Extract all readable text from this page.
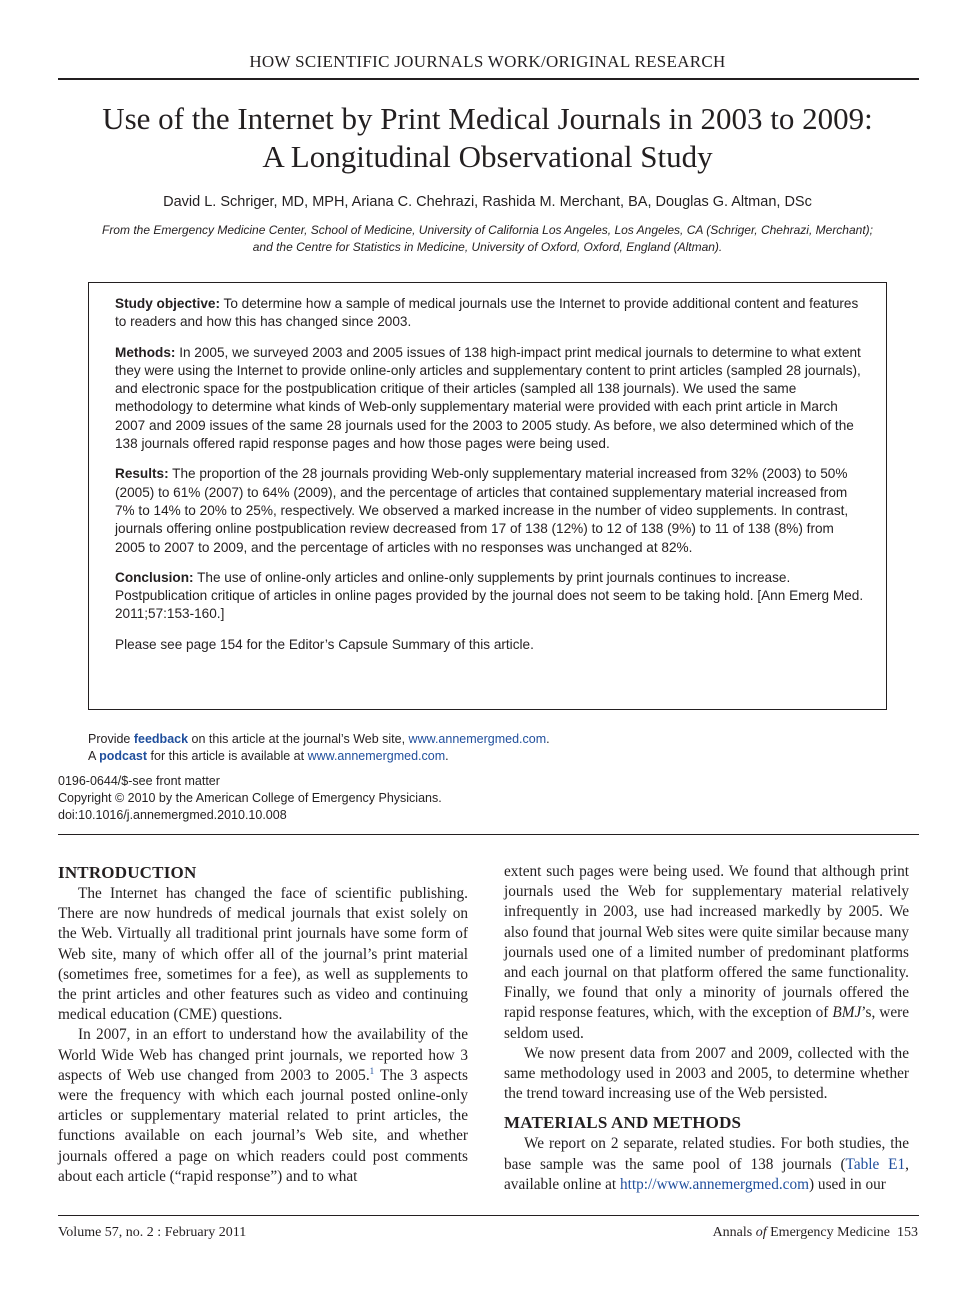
HOW SCIENTIFIC JOURNALS WORK/ORIGINAL RESEARCH
Use of the Internet by Print Medical Journals in 2003 to 2009:
A Longitudinal Observational Study
David L. Schriger, MD, MPH, Ariana C. Chehrazi, Rashida M. Merchant, BA, Douglas G. Altman, DSc
From the Emergency Medicine Center, School of Medicine, University of California Los Angeles, Los Angeles, CA (Schriger, Chehrazi, Merchant);
and the Centre for Statistics in Medicine, University of Oxford, Oxford, England (Altman).

Study objective: To determine how a sample of medical journals use the Internet to provide additional content and features to readers and how this has changed since 2003.

Methods: In 2005, we surveyed 2003 and 2005 issues of 138 high-impact print medical journals to determine to what extent they were using the Internet to provide online-only articles and supplementary content to print articles (sampled 28 journals), and electronic space for the postpublication critique of their articles (sampled all 138 journals). We used the same methodology to determine what kinds of Web-only supplementary material were provided with each print article in March 2007 and 2009 issues of the same 28 journals used for the 2003 to 2005 study. As before, we also determined which of the 138 journals offered rapid response pages and how those pages were being used.

Results: The proportion of the 28 journals providing Web-only supplementary material increased from 32% (2003) to 50% (2005) to 61% (2007) to 64% (2009), and the percentage of articles that contained supplementary material increased from 7% to 14% to 20% to 25%, respectively. We observed a marked increase in the number of video supplements. In contrast, journals offering online postpublication review decreased from 17 of 138 (12%) to 12 of 138 (9%) to 11 of 138 (8%) from 2005 to 2007 to 2009, and the percentage of articles with no responses was unchanged at 82%.

Conclusion: The use of online-only articles and online-only supplements by print journals continues to increase. Postpublication critique of articles in online pages provided by the journal does not seem to be taking hold. [Ann Emerg Med. 2011;57:153-160.]

Please see page 154 for the Editor’s Capsule Summary of this article.

Provide feedback on this article at the journal’s Web site, www.annemergmed.com.
A podcast for this article is available at www.annemergmed.com.
0196-0644/$-see front matter
Copyright © 2010 by the American College of Emergency Physicians.
doi:10.1016/j.annemergmed.2010.10.008

INTRODUCTION

The Internet has changed the face of scientific publishing. There are now hundreds of medical journals that exist solely on the Web. Virtually all traditional print journals have some form of Web site, many of which offer all of the journal’s print material (sometimes free, sometimes for a fee), as well as supplements to the print articles and other features such as video and continuing medical education (CME) questions.

In 2007, in an effort to understand how the availability of the World Wide Web has changed print journals, we reported how 3 aspects of Web use changed from 2003 to 2005.$^1$ The 3 aspects were the frequency with which each journal posted online-only articles or supplementary material related to print articles, the functions available on each journal’s Web site, and whether journals offered a page on which readers could post comments about each article (“rapid response”) and to what

extent such pages were being used. We found that although print journals used the Web for supplementary material relatively infrequently in 2003, use had increased markedly by 2005. We also found that journal Web sites were quite similar because many journals used one of a limited number of predominant platforms and each journal on that platform offered the same functionality. Finally, we found that only a minority of journals offered the rapid response features, which, with the exception of BMJ’s, were seldom used.

We now present data from 2007 and 2009, collected with the same methodology used in 2003 and 2005, to determine whether the trend toward increasing use of the Web persisted.

MATERIALS AND METHODS

We report on 2 separate, related studies. For both studies, the base sample was the same pool of 138 journals (Table E1, available online at http://www.annemergmed.com) used in our

Volume 57, no. 2 : February 2011	Annals of Emergency Medicine 153
